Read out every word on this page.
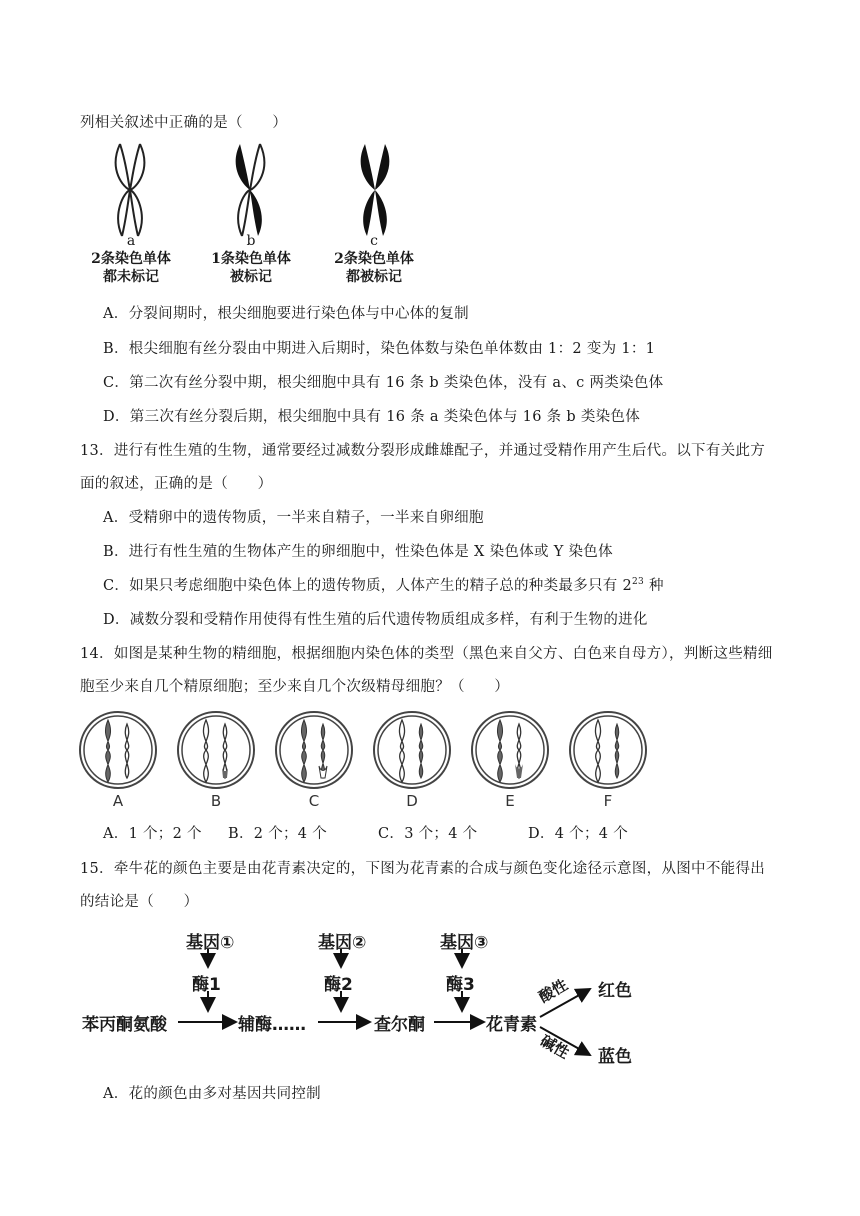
列相关叙述中正确的是（　　）
a
2条染色单体
都未标记
b
1条染色单体
被标记
c
2条染色单体
都被标记
A．分裂间期时，根尖细胞要进行染色体与中心体的复制
B．根尖细胞有丝分裂由中期进入后期时，染色体数与染色单体数由 1：2 变为 1：1
C．第二次有丝分裂中期，根尖细胞中具有 16 条 b 类染色体，没有 a、c 两类染色体
D．第三次有丝分裂后期，根尖细胞中具有 16 条 a 类染色体与 16 条 b 类染色体
13．进行有性生殖的生物，通常要经过减数分裂形成雌雄配子，并通过受精作用产生后代。以下有关此方
面的叙述，正确的是（　　）
A．受精卵中的遗传物质，一半来自精子，一半来自卵细胞
B．进行有性生殖的生物体产生的卵细胞中，性染色体是 X 染色体或 Y 染色体
C．如果只考虑细胞中染色体上的遗传物质，人体产生的精子总的种类最多只有 $2^{23}$ 种
D．减数分裂和受精作用使得有性生殖的后代遗传物质组成多样，有利于生物的进化
14．如图是某种生物的精细胞，根据细胞内染色体的类型（黑色来自父方、白色来自母方），判断这些精细
胞至少来自几个精原细胞；至少来自几个次级精母细胞？（　　）
A	B	C	D	E	F
A．1 个；2 个 B．2 个；4 个	C．3 个；4 个	D．4 个；4 个
15．牵牛花的颜色主要是由花青素决定的，下图为花青素的合成与颜色变化途径示意图，从图中不能得出
的结论是（　　）
基因①	基因②	基因③
酶1	酶2	酶3
苯丙酮氨酸	辅酶……	查尔酮	花青素
酸性
碱性
红色
蓝色
A．花的颜色由多对基因共同控制
